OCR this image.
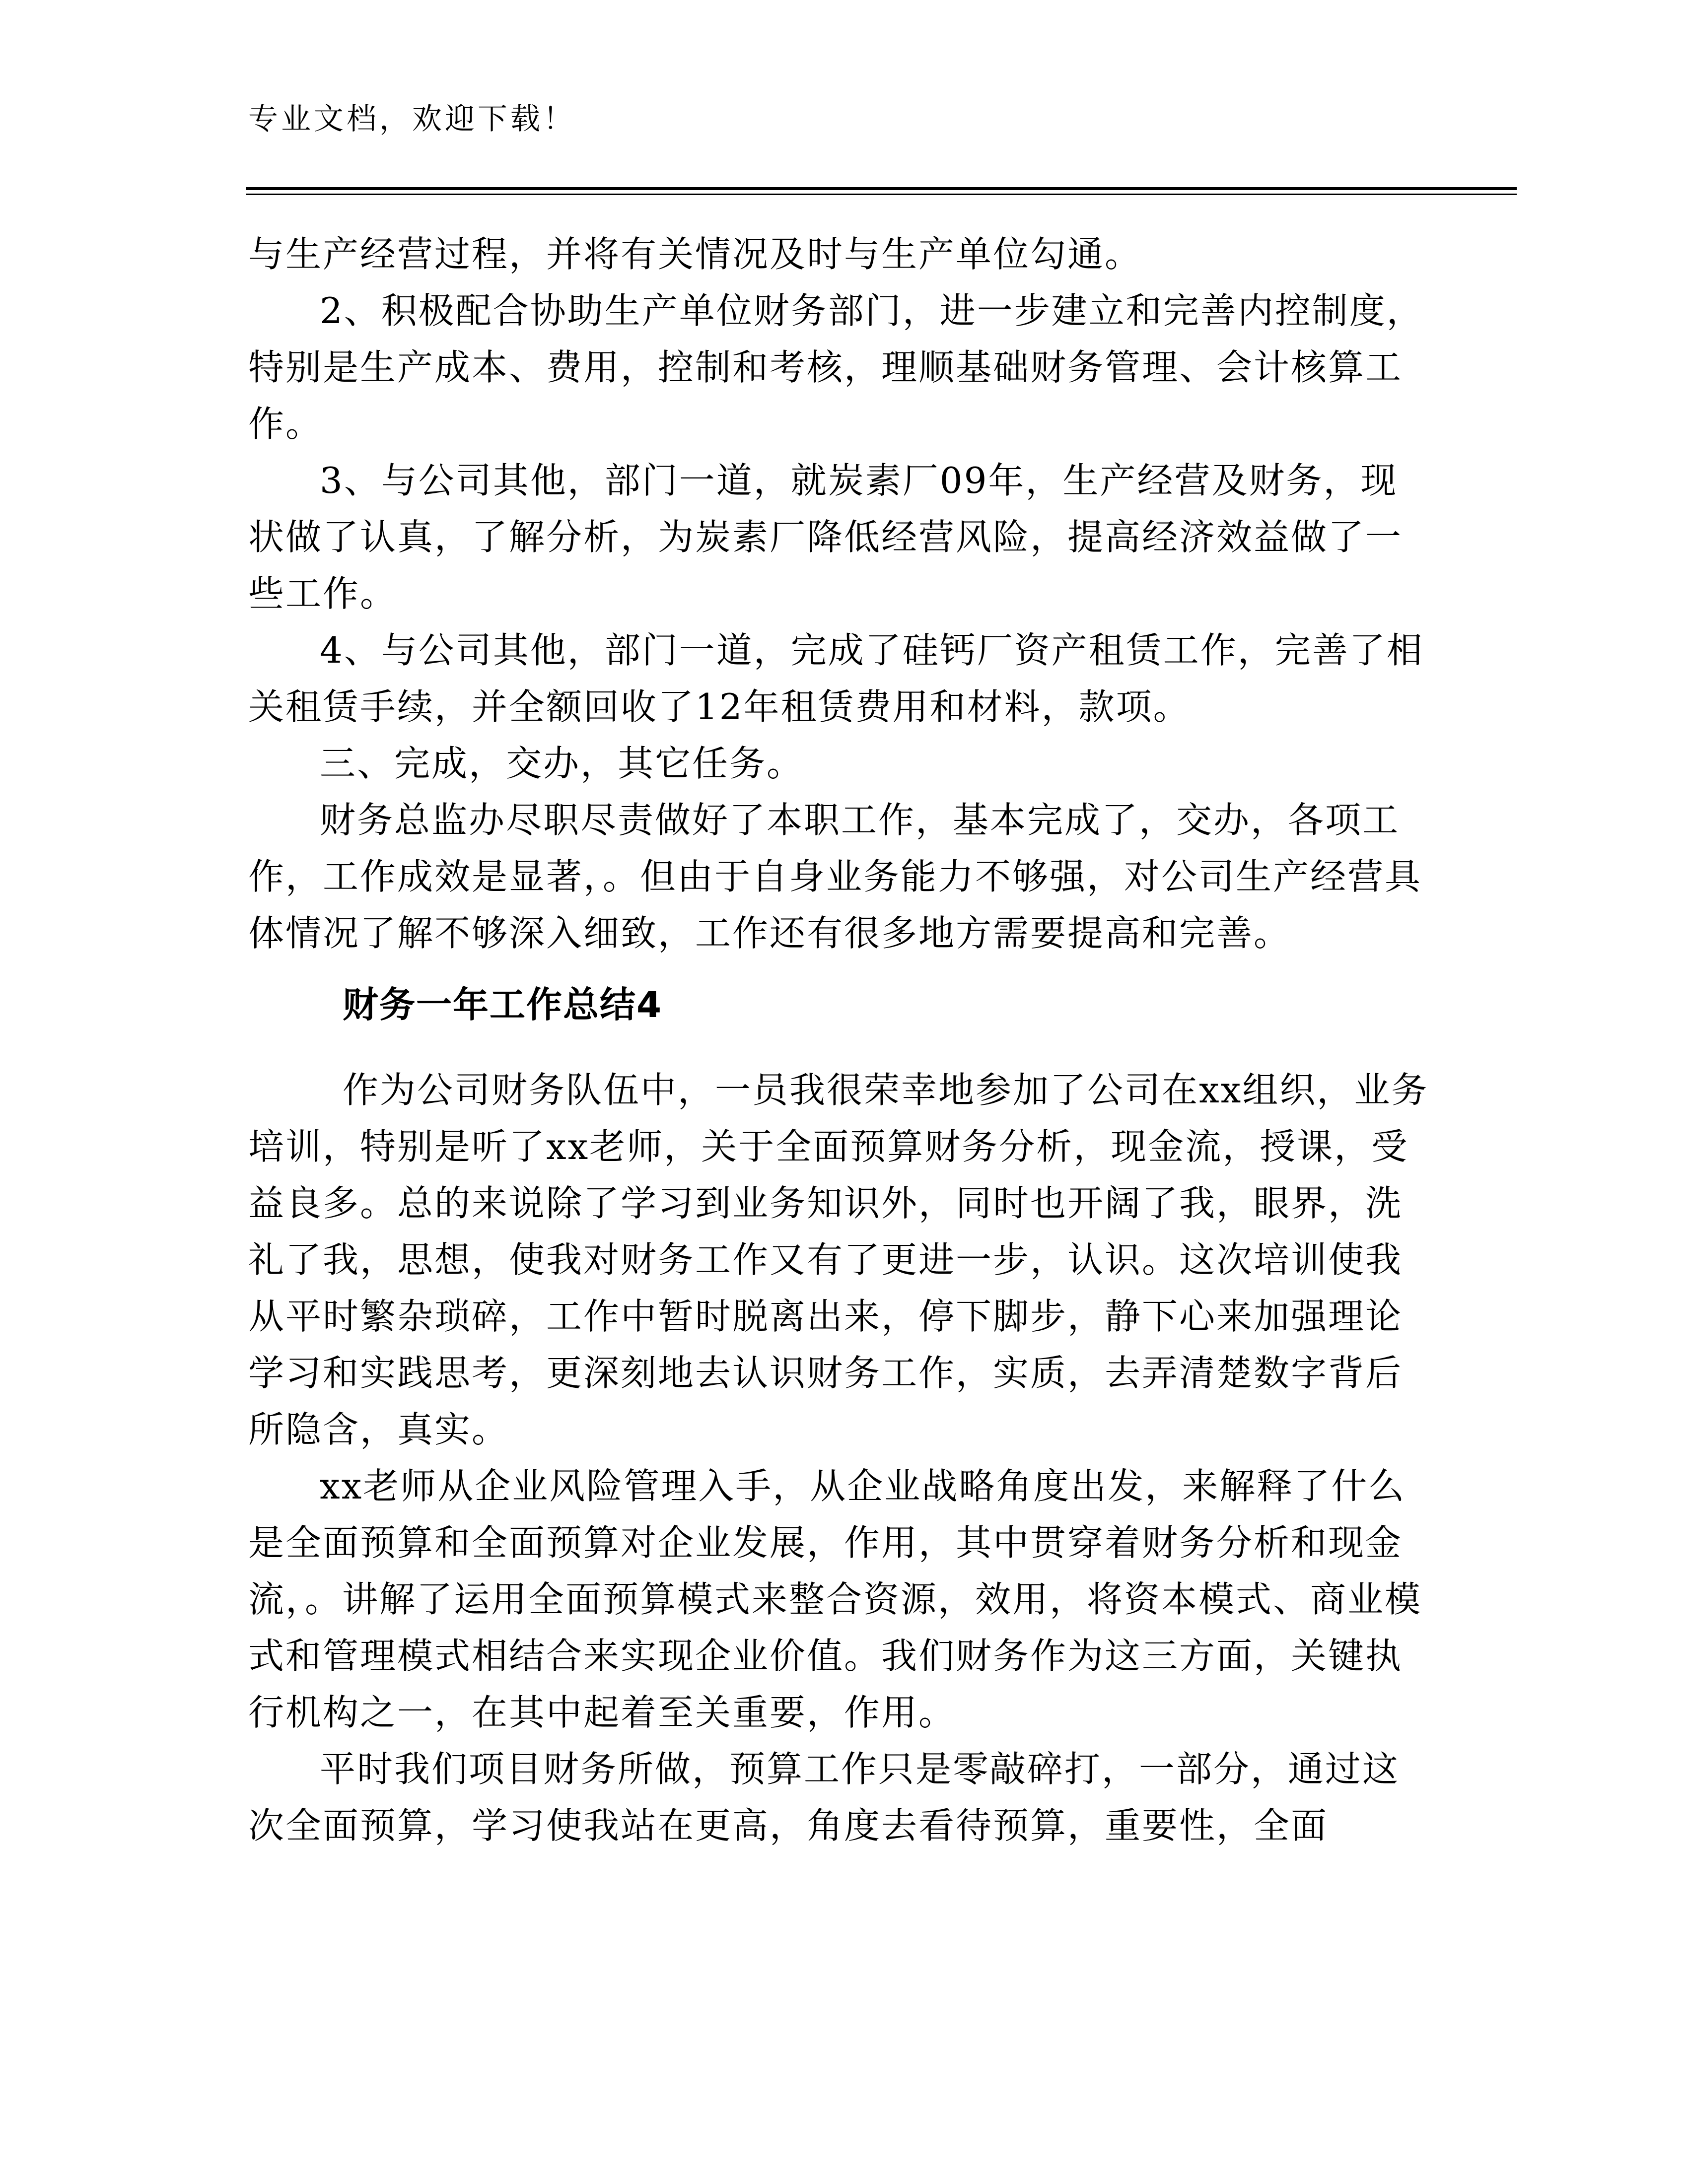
专业文档，欢迎下载！

与生产经营过程，并将有关情况及时与生产单位勾通。

2、积极配合协助生产单位财务部门，进一步建立和完善内控制度，特别是生产成本、费用，控制和考核，理顺基础财务管理、会计核算工作。

3、与公司其他，部门一道，就炭素厂09年，生产经营及财务，现状做了认真，了解分析，为炭素厂降低经营风险，提高经济效益做了一些工作。

4、与公司其他，部门一道，完成了硅钙厂资产租赁工作，完善了相关租赁手续，并全额回收了12年租赁费用和材料，款项。

三、完成，交办，其它任务。

财务总监办尽职尽责做好了本职工作，基本完成了，交办，各项工作，工作成效是显著，。但由于自身业务能力不够强，对公司生产经营具体情况了解不够深入细致，工作还有很多地方需要提高和完善。

财务一年工作总结4

作为公司财务队伍中，一员我很荣幸地参加了公司在xx组织，业务培训，特别是听了xx老师，关于全面预算财务分析，现金流，授课，受益良多。总的来说除了学习到业务知识外，同时也开阔了我，眼界，洗礼了我，思想，使我对财务工作又有了更进一步，认识。这次培训使我从平时繁杂琐碎，工作中暂时脱离出来，停下脚步，静下心来加强理论学习和实践思考，更深刻地去认识财务工作，实质，去弄清楚数字背后所隐含，真实。

xx老师从企业风险管理入手，从企业战略角度出发，来解释了什么是全面预算和全面预算对企业发展，作用，其中贯穿着财务分析和现金流，。讲解了运用全面预算模式来整合资源，效用，将资本模式、商业模式和管理模式相结合来实现企业价值。我们财务作为这三方面，关键执行机构之一，在其中起着至关重要，作用。

平时我们项目财务所做，预算工作只是零敲碎打，一部分，通过这次全面预算，学习使我站在更高，角度去看待预算，重要性，全面
